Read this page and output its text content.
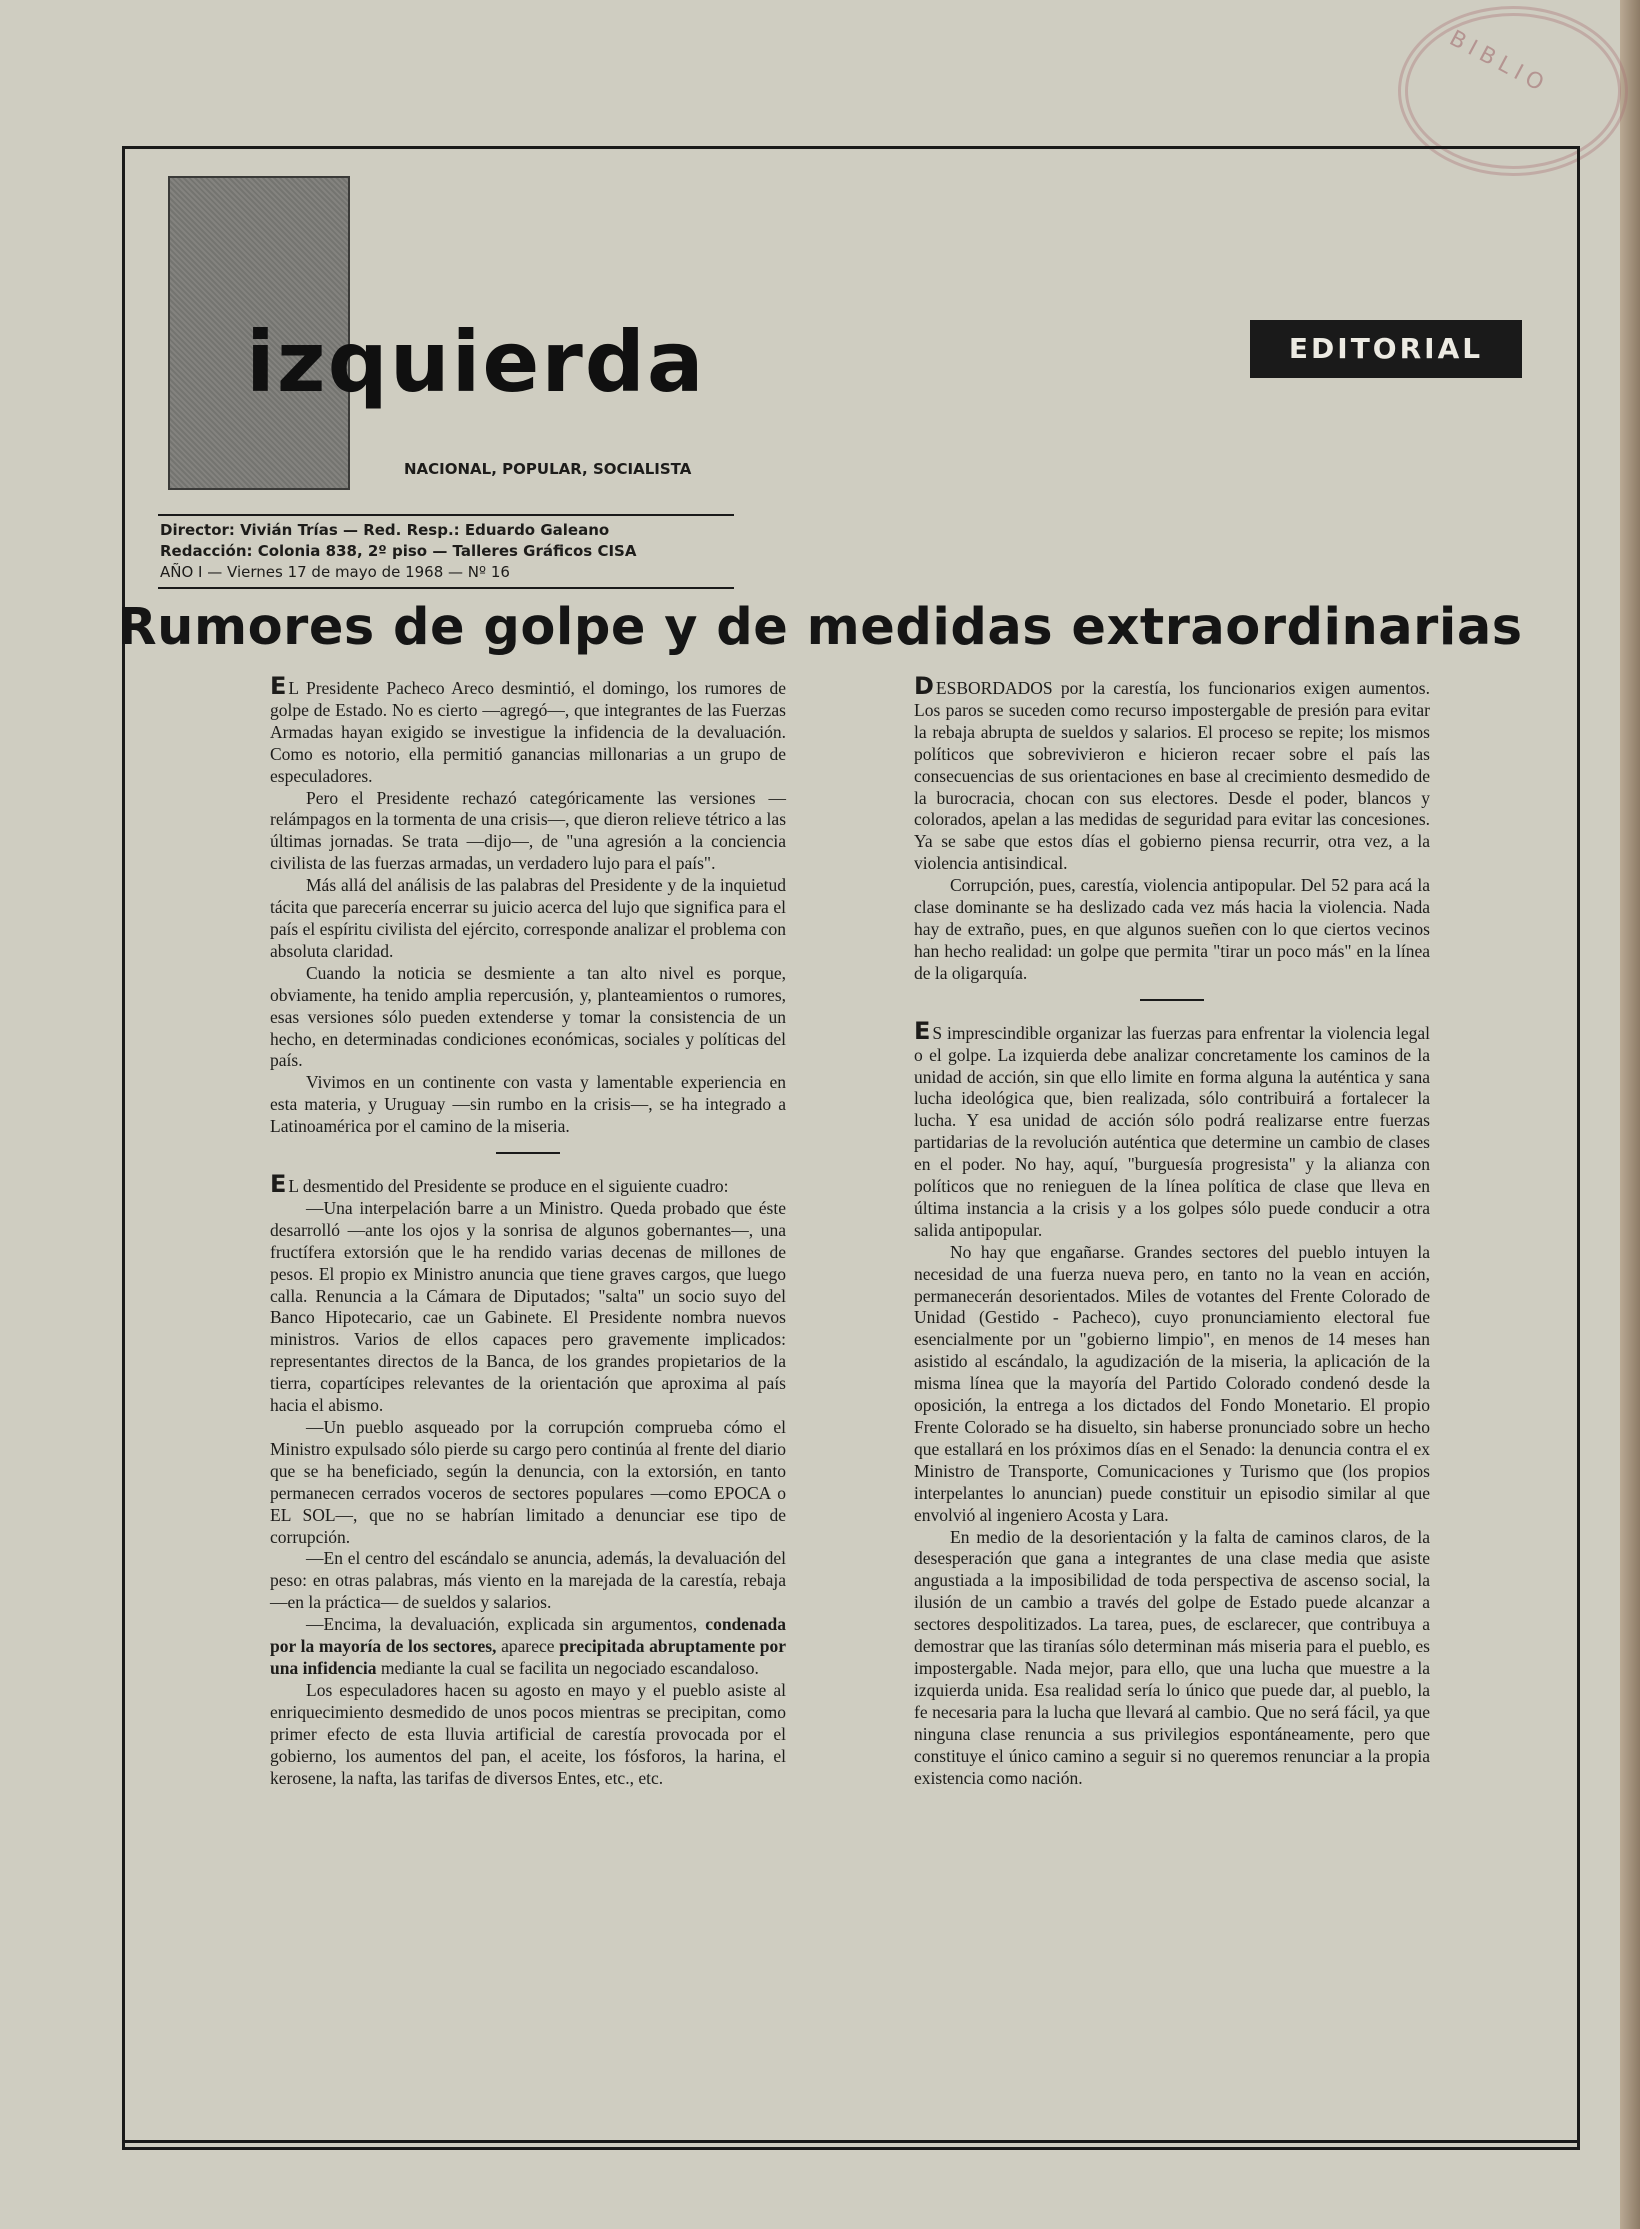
BIBLIO
izquierda
NACIONAL, POPULAR, SOCIALISTA
EDITORIAL
Director: Vivián Trías — Red. Resp.: Eduardo Galeano
Redacción: Colonia 838, 2º piso — Talleres Gráficos CISA
AÑO I — Viernes 17 de mayo de 1968 — Nº 16
Rumores de golpe y de medidas extraordinarias

E L Presidente Pacheco Areco desmintió, el domingo, los rumores de golpe de Estado. No es cierto —agregó—, que integrantes de las Fuerzas Armadas hayan exigido se investigue la infidencia de la devaluación. Como es notorio, ella permitió ganancias millonarias a un grupo de especuladores.

Pero el Presidente rechazó categóricamente las versiones —relámpagos en la tormenta de una crisis—, que dieron relieve tétrico a las últimas jornadas. Se trata —dijo—, de "una agresión a la conciencia civilista de las fuerzas armadas, un verdadero lujo para el país".

Más allá del análisis de las palabras del Presidente y de la inquietud tácita que parecería encerrar su juicio acerca del lujo que significa para el país el espíritu civilista del ejército, corresponde analizar el problema con absoluta claridad.

Cuando la noticia se desmiente a tan alto nivel es porque, obviamente, ha tenido amplia repercusión, y, planteamientos o rumores, esas versiones sólo pueden extenderse y tomar la consistencia de un hecho, en determinadas condiciones económicas, sociales y políticas del país.

Vivimos en un continente con vasta y lamentable experiencia en esta materia, y Uruguay —sin rumbo en la crisis—, se ha integrado a Latinoamérica por el camino de la miseria.

E L desmentido del Presidente se produce en el siguiente cuadro:

—Una interpelación barre a un Ministro. Queda probado que éste desarrolló —ante los ojos y la sonrisa de algunos gobernantes—, una fructífera extorsión que le ha rendido varias decenas de millones de pesos. El propio ex Ministro anuncia que tiene graves cargos, que luego calla. Renuncia a la Cámara de Diputados; "salta" un socio suyo del Banco Hipotecario, cae un Gabinete. El Presidente nombra nuevos ministros. Varios de ellos capaces pero gravemente implicados: representantes directos de la Banca, de los grandes propietarios de la tierra, copartícipes relevantes de la orientación que aproxima al país hacia el abismo.

—Un pueblo asqueado por la corrupción comprueba cómo el Ministro expulsado sólo pierde su cargo pero continúa al frente del diario que se ha beneficiado, según la denuncia, con la extorsión, en tanto permanecen cerrados voceros de sectores populares —como EPOCA o EL SOL—, que no se habrían limitado a denunciar ese tipo de corrupción.

—En el centro del escándalo se anuncia, además, la devaluación del peso: en otras palabras, más viento en la marejada de la carestía, rebaja —en la práctica— de sueldos y salarios.

—Encima, la devaluación, explicada sin argumentos, condenada por la mayoría de los sectores, aparece precipitada abruptamente por una infidencia mediante la cual se facilita un negociado escandaloso.

Los especuladores hacen su agosto en mayo y el pueblo asiste al enriquecimiento desmedido de unos pocos mientras se precipitan, como primer efecto de esta lluvia artificial de carestía provocada por el gobierno, los aumentos del pan, el aceite, los fósforos, la harina, el kerosene, la nafta, las tarifas de diversos Entes, etc., etc.

D ESBORDADOS por la carestía, los funcionarios exigen aumentos. Los paros se suceden como recurso impostergable de presión para evitar la rebaja abrupta de sueldos y salarios. El proceso se repite; los mismos políticos que sobrevivieron e hicieron recaer sobre el país las consecuencias de sus orientaciones en base al crecimiento desmedido de la burocracia, chocan con sus electores. Desde el poder, blancos y colorados, apelan a las medidas de seguridad para evitar las concesiones. Ya se sabe que estos días el gobierno piensa recurrir, otra vez, a la violencia antisindical.

Corrupción, pues, carestía, violencia antipopular. Del 52 para acá la clase dominante se ha deslizado cada vez más hacia la violencia. Nada hay de extraño, pues, en que algunos sueñen con lo que ciertos vecinos han hecho realidad: un golpe que permita "tirar un poco más" en la línea de la oligarquía.

E S imprescindible organizar las fuerzas para enfrentar la violencia legal o el golpe. La izquierda debe analizar concretamente los caminos de la unidad de acción, sin que ello limite en forma alguna la auténtica y sana lucha ideológica que, bien realizada, sólo contribuirá a fortalecer la lucha. Y esa unidad de acción sólo podrá realizarse entre fuerzas partidarias de la revolución auténtica que determine un cambio de clases en el poder. No hay, aquí, "burguesía progresista" y la alianza con políticos que no renieguen de la línea política de clase que lleva en última instancia a la crisis y a los golpes sólo puede conducir a otra salida antipopular.

No hay que engañarse. Grandes sectores del pueblo intuyen la necesidad de una fuerza nueva pero, en tanto no la vean en acción, permanecerán desorientados. Miles de votantes del Frente Colorado de Unidad (Gestido - Pacheco), cuyo pronunciamiento electoral fue esencialmente por un "gobierno limpio", en menos de 14 meses han asistido al escándalo, la agudización de la miseria, la aplicación de la misma línea que la mayoría del Partido Colorado condenó desde la oposición, la entrega a los dictados del Fondo Monetario. El propio Frente Colorado se ha disuelto, sin haberse pronunciado sobre un hecho que estallará en los próximos días en el Senado: la denuncia contra el ex Ministro de Transporte, Comunicaciones y Turismo que (los propios interpelantes lo anuncian) puede constituir un episodio similar al que envolvió al ingeniero Acosta y Lara.

En medio de la desorientación y la falta de caminos claros, de la desesperación que gana a integrantes de una clase media que asiste angustiada a la imposibilidad de toda perspectiva de ascenso social, la ilusión de un cambio a través del golpe de Estado puede alcanzar a sectores despolitizados. La tarea, pues, de esclarecer, que contribuya a demostrar que las tiranías sólo determinan más miseria para el pueblo, es impostergable. Nada mejor, para ello, que una lucha que muestre a la izquierda unida. Esa realidad sería lo único que puede dar, al pueblo, la fe necesaria para la lucha que llevará al cambio. Que no será fácil, ya que ninguna clase renuncia a sus privilegios espontáneamente, pero que constituye el único camino a seguir si no queremos renunciar a la propia existencia como nación.
